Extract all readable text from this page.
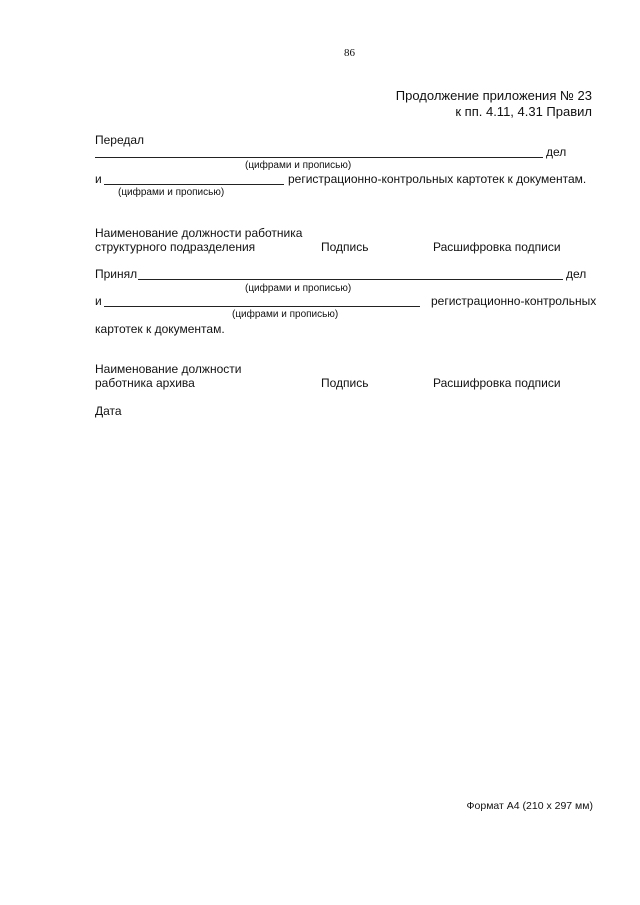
86
Продолжение приложения № 23
к пп. 4.11, 4.31 Правил
Передал
дел
(цифрами и прописью)
и	регистрационно-контрольных картотек к документам.
(цифрами и прописью)
Наименование должности работника
структурного подразделения	Подпись	Расшифровка подписи
Принял	дел
(цифрами и прописью)
и	регистрационно-контрольных
(цифрами и прописью)
картотек к документам.
Наименование должности
работника архива	Подпись	Расшифровка подписи
Дата
Формат А4 (210 х 297 мм)
